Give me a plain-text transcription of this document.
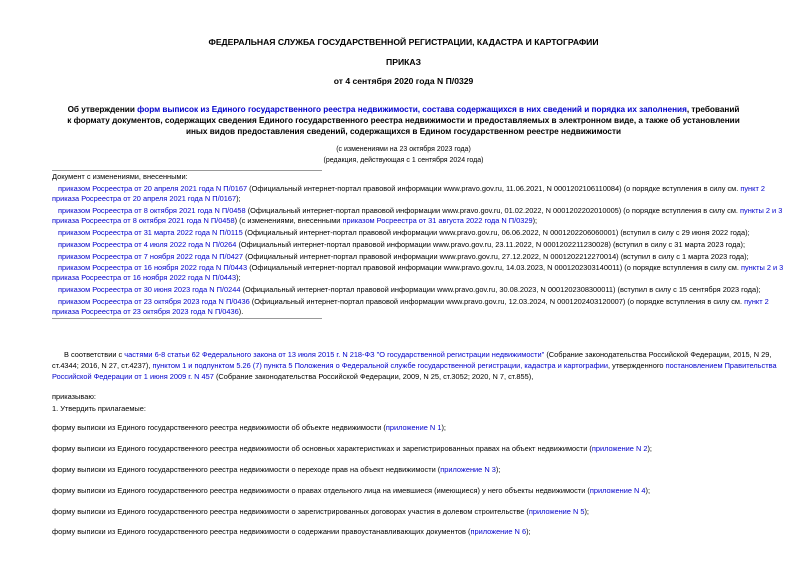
ФЕДЕРАЛЬНАЯ СЛУЖБА ГОСУДАРСТВЕННОЙ РЕГИСТРАЦИИ, КАДАСТРА И КАРТОГРАФИИ
ПРИКАЗ
от 4 сентября 2020 года N П/0329
Об утверждении форм выписок из Единого государственного реестра недвижимости, состава содержащихся в них сведений и порядка их заполнения, требований
к формату документов, содержащих сведения Единого государственного реестра недвижимости и предоставляемых в электронном виде, а также об установлении
иных видов предоставления сведений, содержащихся в Едином государственном реестре недвижимости
(с изменениями на 23 октября 2023 года)
(редакция, действующая с 1 сентября 2024 года)
Документ с изменениями, внесенными:
приказом Росреестра от 20 апреля 2021 года N П/0167 (Официальный интернет-портал правовой информации www.pravo.gov.ru, 11.06.2021, N 0001202106110084) (о порядке вступления в силу см. пункт 2
приказа Росреестра от 20 апреля 2021 года N П/0167);
приказом Росреестра от 8 октября 2021 года N П/0458 (Официальный интернет-портал правовой информации www.pravo.gov.ru, 01.02.2022, N 0001202202010005) (о порядке вступления в силу см. пункты 2 и 3
приказа Росреестра от 8 октября 2021 года N П/0458) (с изменениями, внесенными приказом Росреестра от 31 августа 2022 года N П/0329);
приказом Росреестра от 31 марта 2022 года N П/0115 (Официальный интернет-портал правовой информации www.pravo.gov.ru, 06.06.2022, N 0001202206060001) (вступил в силу с 29 июня 2022 года);
приказом Росреестра от 4 июля 2022 года N П/0264 (Официальный интернет-портал правовой информации www.pravo.gov.ru, 23.11.2022, N 0001202211230028) (вступил в силу с 31 марта 2023 года);
приказом Росреестра от 7 ноября 2022 года N П/0427 (Официальный интернет-портал правовой информации www.pravo.gov.ru, 27.12.2022, N 0001202212270014) (вступил в силу с 1 марта 2023 года);
приказом Росреестра от 16 ноября 2022 года N П/0443 (Официальный интернет-портал правовой информации www.pravo.gov.ru, 14.03.2023, N 0001202303140011) (о порядке вступления в силу см. пункты 2 и 3
приказа Росреестра от 16 ноября 2022 года N П/0443);
приказом Росреестра от 30 июня 2023 года N П/0244 (Официальный интернет-портал правовой информации www.pravo.gov.ru, 30.08.2023, N 0001202308300011) (вступил в силу с 15 сентября 2023 года);
приказом Росреестра от 23 октября 2023 года N П/0436 (Официальный интернет-портал правовой информации www.pravo.gov.ru, 12.03.2024, N 0001202403120007) (о порядке вступления в силу см. пункт 2
приказа Росреестра от 23 октября 2023 года N П/0436).
В соответствии с частями 6-8 статьи 62 Федерального закона от 13 июля 2015 г. N 218-ФЗ "О государственной регистрации недвижимости" (Собрание законодательства Российской Федерации, 2015, N 29,
ст.4344; 2016, N 27, ст.4237), пунктом 1 и подпунктом 5.26 (7) пункта 5 Положения о Федеральной службе государственной регистрации, кадастра и картографии, утвержденного постановлением Правительства
Российской Федерации от 1 июня 2009 г. N 457 (Собрание законодательства Российской Федерации, 2009, N 25, ст.3052; 2020, N 7, ст.855),
приказываю:
1. Утвердить прилагаемые:
форму выписки из Единого государственного реестра недвижимости об объекте недвижимости (приложение N 1);
форму выписки из Единого государственного реестра недвижимости об основных характеристиках и зарегистрированных правах на объект недвижимости (приложение N 2);
форму выписки из Единого государственного реестра недвижимости о переходе прав на объект недвижимости (приложение N 3);
форму выписки из Единого государственного реестра недвижимости о правах отдельного лица на имевшиеся (имеющиеся) у него объекты недвижимости (приложение N 4);
форму выписки из Единого государственного реестра недвижимости о зарегистрированных договорах участия в долевом строительстве (приложение N 5);
форму выписки из Единого государственного реестра недвижимости о содержании правоустанавливающих документов (приложение N 6);
